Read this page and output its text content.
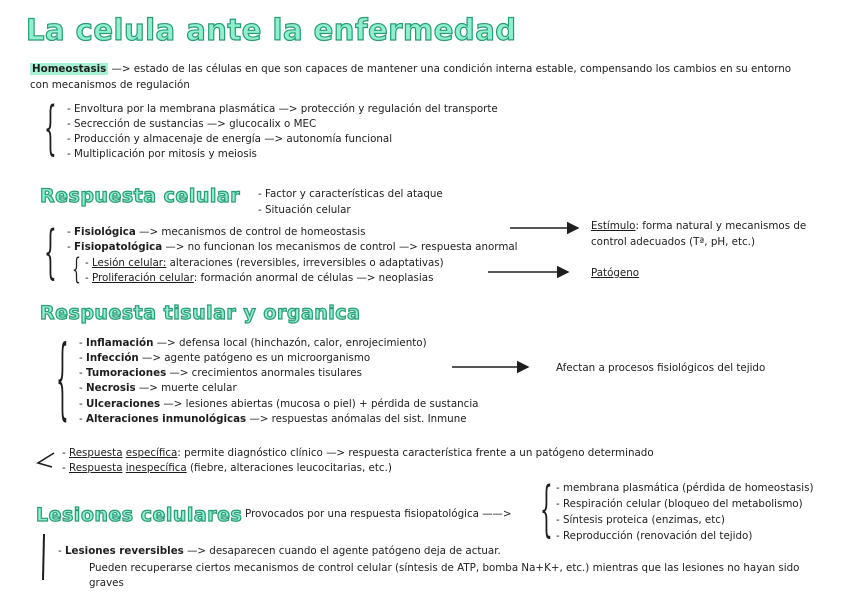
La celula ante la enfermedad
Homeostasis —> estado de las células en que son capaces de mantener una condición interna estable, compensando los cambios en su entorno
con mecanismos de regulación
{ - Envoltura por la membrana plasmática —> protección y regulación del transporte
- Secrección de sustancias —> glucocalix o MEC
- Producción y almacenaje de energía —> autonomía funcional
- Multiplicación por mitosis y meiosis
Respuesta celular - Factor y características del ataque
- Situación celular
{ - Fisiológica —> mecanismos de control de homeostasis
- Fisiopatológica —> no funcionan los mecanismos de control —> respuesta anormal
{ - Lesión celular: alteraciones (reversibles, irreversibles o adaptativas)
- Proliferación celular: formación anormal de células —> neoplasias
Estímulo: forma natural y mecanismos de
control adecuados (Tª, pH, etc.)
Patógeno
Respuesta tisular y organica
{ - Inflamación —> defensa local (hinchazón, calor, enrojecimiento)
- Infección —> agente patógeno es un microorganismo
- Tumoraciones —> crecimientos anormales tisulares
- Necrosis —> muerte celular
- Ulceraciones —> lesiones abiertas (mucosa o piel) + pérdida de sustancia
- Alteraciones inmunológicas —> respuestas anómalas del sist. Inmune
Afectan a procesos fisiológicos del tejido
- Respuesta específica: permite diagnóstico clínico —> respuesta característica frente a un patógeno determinado
- Respuesta inespecífica (fiebre, alteraciones leucocitarias, etc.)
Lesiones celulares Provocados por una respuesta fisiopatológica ——> { - membrana plasmática (pérdida de homeostasis)
- Respiración celular (bloqueo del metabolismo)
- Síntesis proteica (enzimas, etc)
- Reproducción (renovación del tejido)
- Lesiones reversibles —> desaparecen cuando el agente patógeno deja de actuar.
Pueden recuperarse ciertos mecanismos de control celular (síntesis de ATP, bomba Na+K+, etc.) mientras que las lesiones no hayan sido
graves
